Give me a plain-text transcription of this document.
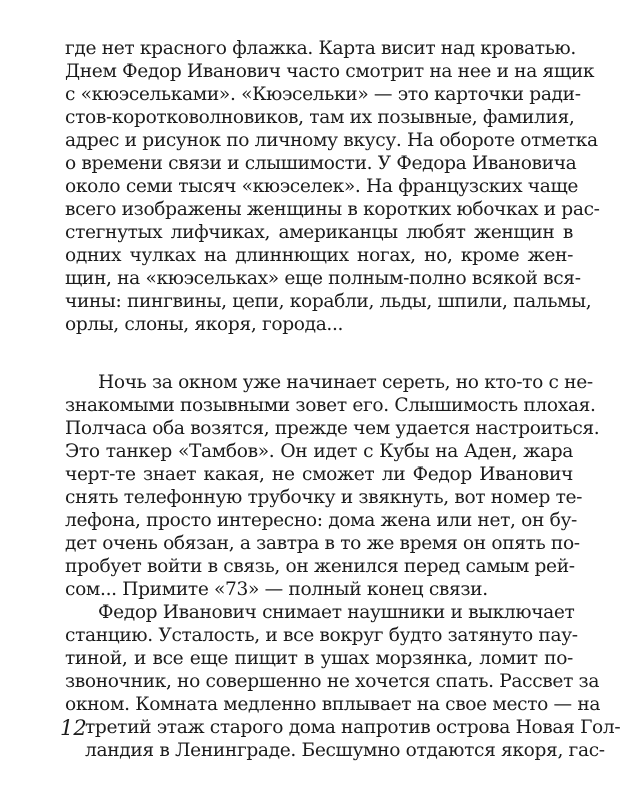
где нет красного флажка. Карта висит над кроватью.
Днем Федор Иванович часто смотрит на нее и на ящик
с «кюэсельками». «Кюэсельки» — это карточки ради-
стов-коротковолновиков, там их позывные, фамилия,
адрес и рисунок по личному вкусу. На обороте отметка
о времени связи и слышимости. У Федора Ивановича
около семи тысяч «кюэселек». На французских чаще
всего изображены женщины в коротких юбочках и рас-
стегнутых лифчиках, американцы любят женщин в
одних чулках на длиннющих ногах, но, кроме жен-
щин, на «кюэсельках» еще полным-полно всякой вся-
чины: пингвины, цепи, корабли, льды, шпили, пальмы,
орлы, слоны, якоря, города...
Ночь за окном уже начинает сереть, но кто-то с не-
знакомыми позывными зовет его. Слышимость плохая.
Полчаса оба возятся, прежде чем удается настроиться.
Это танкер «Тамбов». Он идет с Кубы на Аден, жара
черт-те знает какая, не сможет ли Федор Иванович
снять телефонную трубочку и звякнуть, вот номер те-
лефона, просто интересно: дома жена или нет, он бу-
дет очень обязан, а завтра в то же время он опять по-
пробует войти в связь, он женился перед самым рей-
сом... Примите «73» — полный конец связи.
Федор Иванович снимает наушники и выключает
станцию. Усталость, и все вокруг будто затянуто пау-
тиной, и все еще пищит в ушах морзянка, ломит по-
звоночник, но совершенно не хочется спать. Рассвет за
окном. Комната медленно вплывает на свое место — на
третий этаж старого дома напротив острова Новая Гол-
ландия в Ленинграде. Бесшумно отдаются якоря, гас-
12
